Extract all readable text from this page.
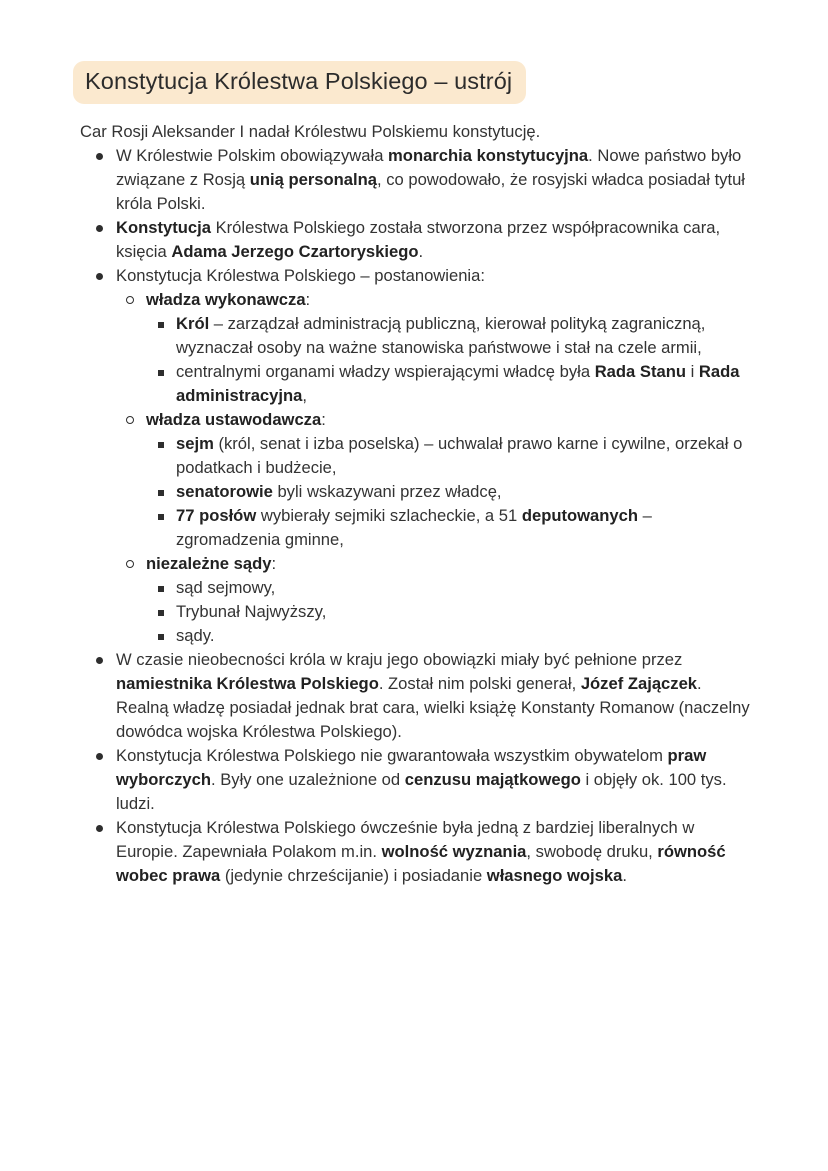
Konstytucja Królestwa Polskiego – ustrój
Car Rosji Aleksander I nadał Królestwu Polskiemu konstytucję.
W Królestwie Polskim obowiązywała monarchia konstytucyjna. Nowe państwo było związane z Rosją unią personalną, co powodowało, że rosyjski władca posiadał tytuł króla Polski.
Konstytucja Królestwa Polskiego została stworzona przez współpracownika cara, księcia Adama Jerzego Czartoryskiego.
Konstytucja Królestwa Polskiego – postanowienia:
władza wykonawcza:
Król – zarządzał administracją publiczną, kierował polityką zagraniczną, wyznaczał osoby na ważne stanowiska państwowe i stał na czele armii,
centralnymi organami władzy wspierającymi władcę była Rada Stanu i Rada administracyjna,
władza ustawodawcza:
sejm (król, senat i izba poselska) – uchwalał prawo karne i cywilne, orzekał o podatkach i budżecie,
senatorowie byli wskazywani przez władcę,
77 posłów wybierały sejmiki szlacheckie, a 51 deputowanych – zgromadzenia gminne,
niezależne sądy:
sąd sejmowy,
Trybunał Najwyższy,
sądy.
W czasie nieobecności króla w kraju jego obowiązki miały być pełnione przez namiestnika Królestwa Polskiego. Został nim polski generał, Józef Zajączek. Realną władzę posiadał jednak brat cara, wielki książę Konstanty Romanow (naczelny dowódca wojska Królestwa Polskiego).
Konstytucja Królestwa Polskiego nie gwarantowała wszystkim obywatelom praw wyborczych. Były one uzależnione od cenzusu majątkowego i objęły ok. 100 tys. ludzi.
Konstytucja Królestwa Polskiego ówcześnie była jedną z bardziej liberalnych w Europie. Zapewniała Polakom m.in. wolność wyznania, swobodę druku, równość wobec prawa (jedynie chrześcijanie) i posiadanie własnego wojska.
